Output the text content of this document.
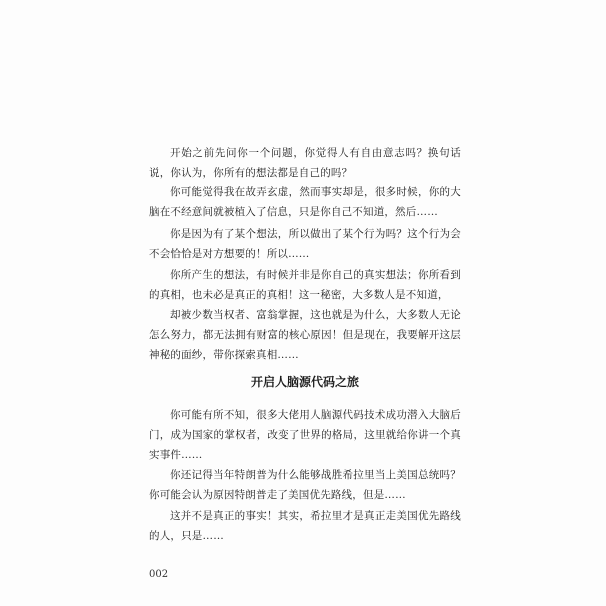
开始之前先问你一个问题，你觉得人有自由意志吗？换句话说，你认为，你所有的想法都是自己的吗？

你可能觉得我在故弄玄虚，然而事实却是，很多时候，你的大脑在不经意间就被植入了信息，只是你自己不知道，然后……

你是因为有了某个想法，所以做出了某个行为吗？这个行为会不会恰恰是对方想要的！所以……

你所产生的想法，有时候并非是你自己的真实想法；你所看到的真相，也未必是真正的真相！这一秘密，大多数人是不知道，

却被少数当权者、富翁掌握，这也就是为什么，大多数人无论怎么努力，都无法拥有财富的核心原因！但是现在，我要解开这层神秘的面纱，带你探索真相……

开启人脑源代码之旅

你可能有所不知，很多大佬用人脑源代码技术成功潜入大脑后门，成为国家的掌权者，改变了世界的格局，这里就给你讲一个真实事件……

你还记得当年特朗普为什么能够战胜希拉里当上美国总统吗？你可能会认为原因特朗普走了美国优先路线，但是……

这并不是真正的事实！其实，希拉里才是真正走美国优先路线的人，只是……

002
